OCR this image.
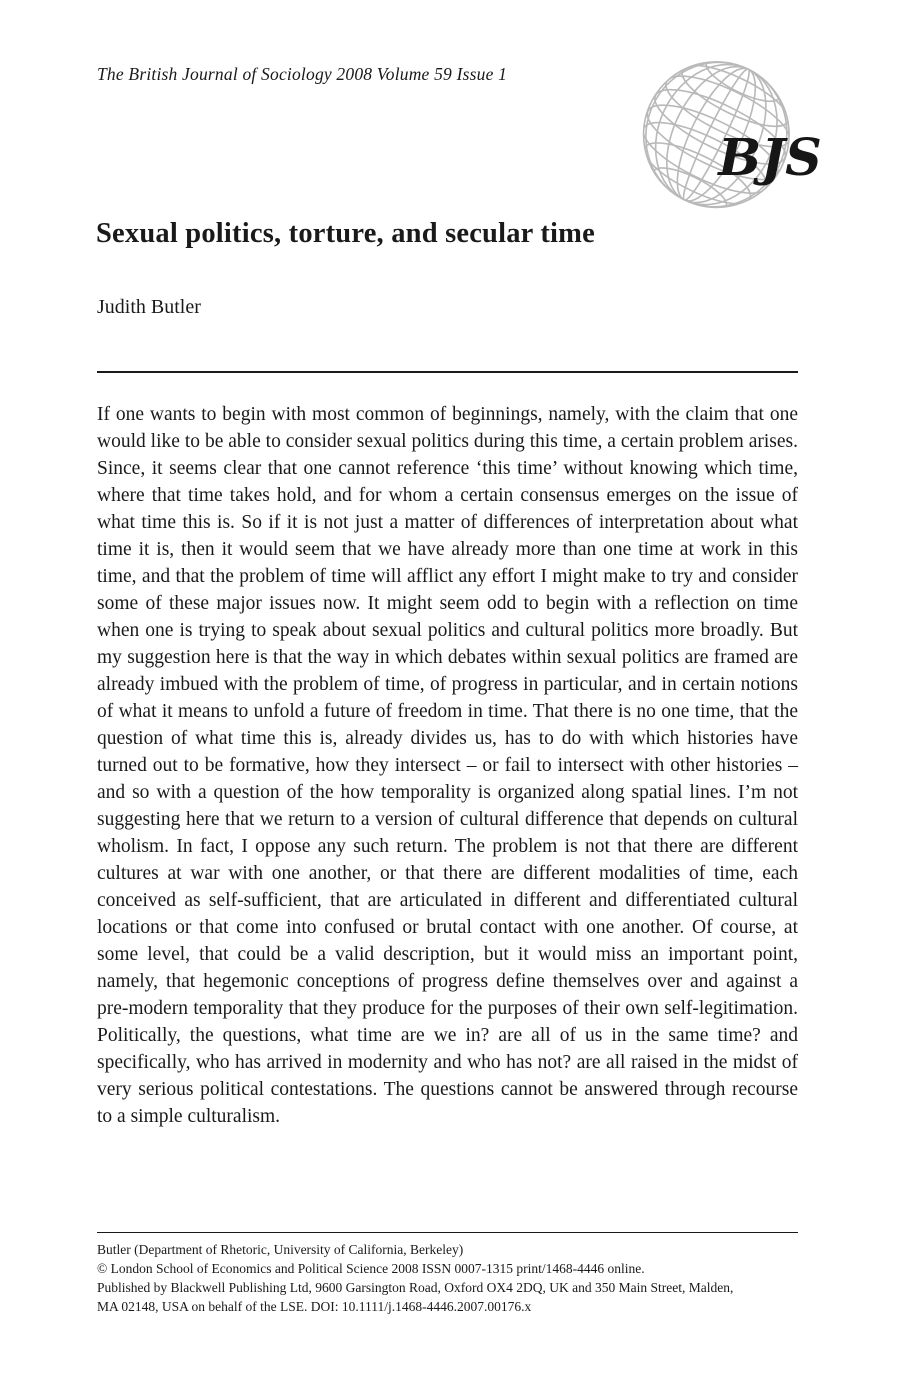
The British Journal of Sociology 2008 Volume 59 Issue 1
BJS
Sexual politics, torture, and secular time
Judith Butler

If one wants to begin with most common of beginnings, namely, with the claim that one would like to be able to consider sexual politics during this time, a certain problem arises. Since, it seems clear that one cannot reference ‘this time’ without knowing which time, where that time takes hold, and for whom a certain consensus emerges on the issue of what time this is. So if it is not just a matter of differences of interpretation about what time it is, then it would seem that we have already more than one time at work in this time, and that the problem of time will afflict any effort I might make to try and consider some of these major issues now. It might seem odd to begin with a reflection on time when one is trying to speak about sexual politics and cultural politics more broadly. But my suggestion here is that the way in which debates within sexual politics are framed are already imbued with the problem of time, of progress in particular, and in certain notions of what it means to unfold a future of freedom in time. That there is no one time, that the question of what time this is, already divides us, has to do with which histories have turned out to be formative, how they intersect – or fail to intersect with other histories – and so with a question of the how temporality is organized along spatial lines. I’m not suggesting here that we return to a version of cultural difference that depends on cultural wholism. In fact, I oppose any such return. The problem is not that there are different cultures at war with one another, or that there are different modalities of time, each conceived as self-sufficient, that are articulated in different and differentiated cultural locations or that come into confused or brutal contact with one another. Of course, at some level, that could be a valid description, but it would miss an important point, namely, that hegemonic conceptions of progress define themselves over and against a pre-modern temporality that they produce for the purposes of their own self-legitimation. Politically, the questions, what time are we in? are all of us in the same time? and specifically, who has arrived in modernity and who has not? are all raised in the midst of very serious political contestations. The questions cannot be answered through recourse to a simple culturalism.

Butler (Department of Rhetoric, University of California, Berkeley)
© London School of Economics and Political Science 2008 ISSN 0007-1315 print/1468-4446 online.
Published by Blackwell Publishing Ltd, 9600 Garsington Road, Oxford OX4 2DQ, UK and 350 Main Street, Malden,
MA 02148, USA on behalf of the LSE. DOI: 10.1111/j.1468-4446.2007.00176.x
